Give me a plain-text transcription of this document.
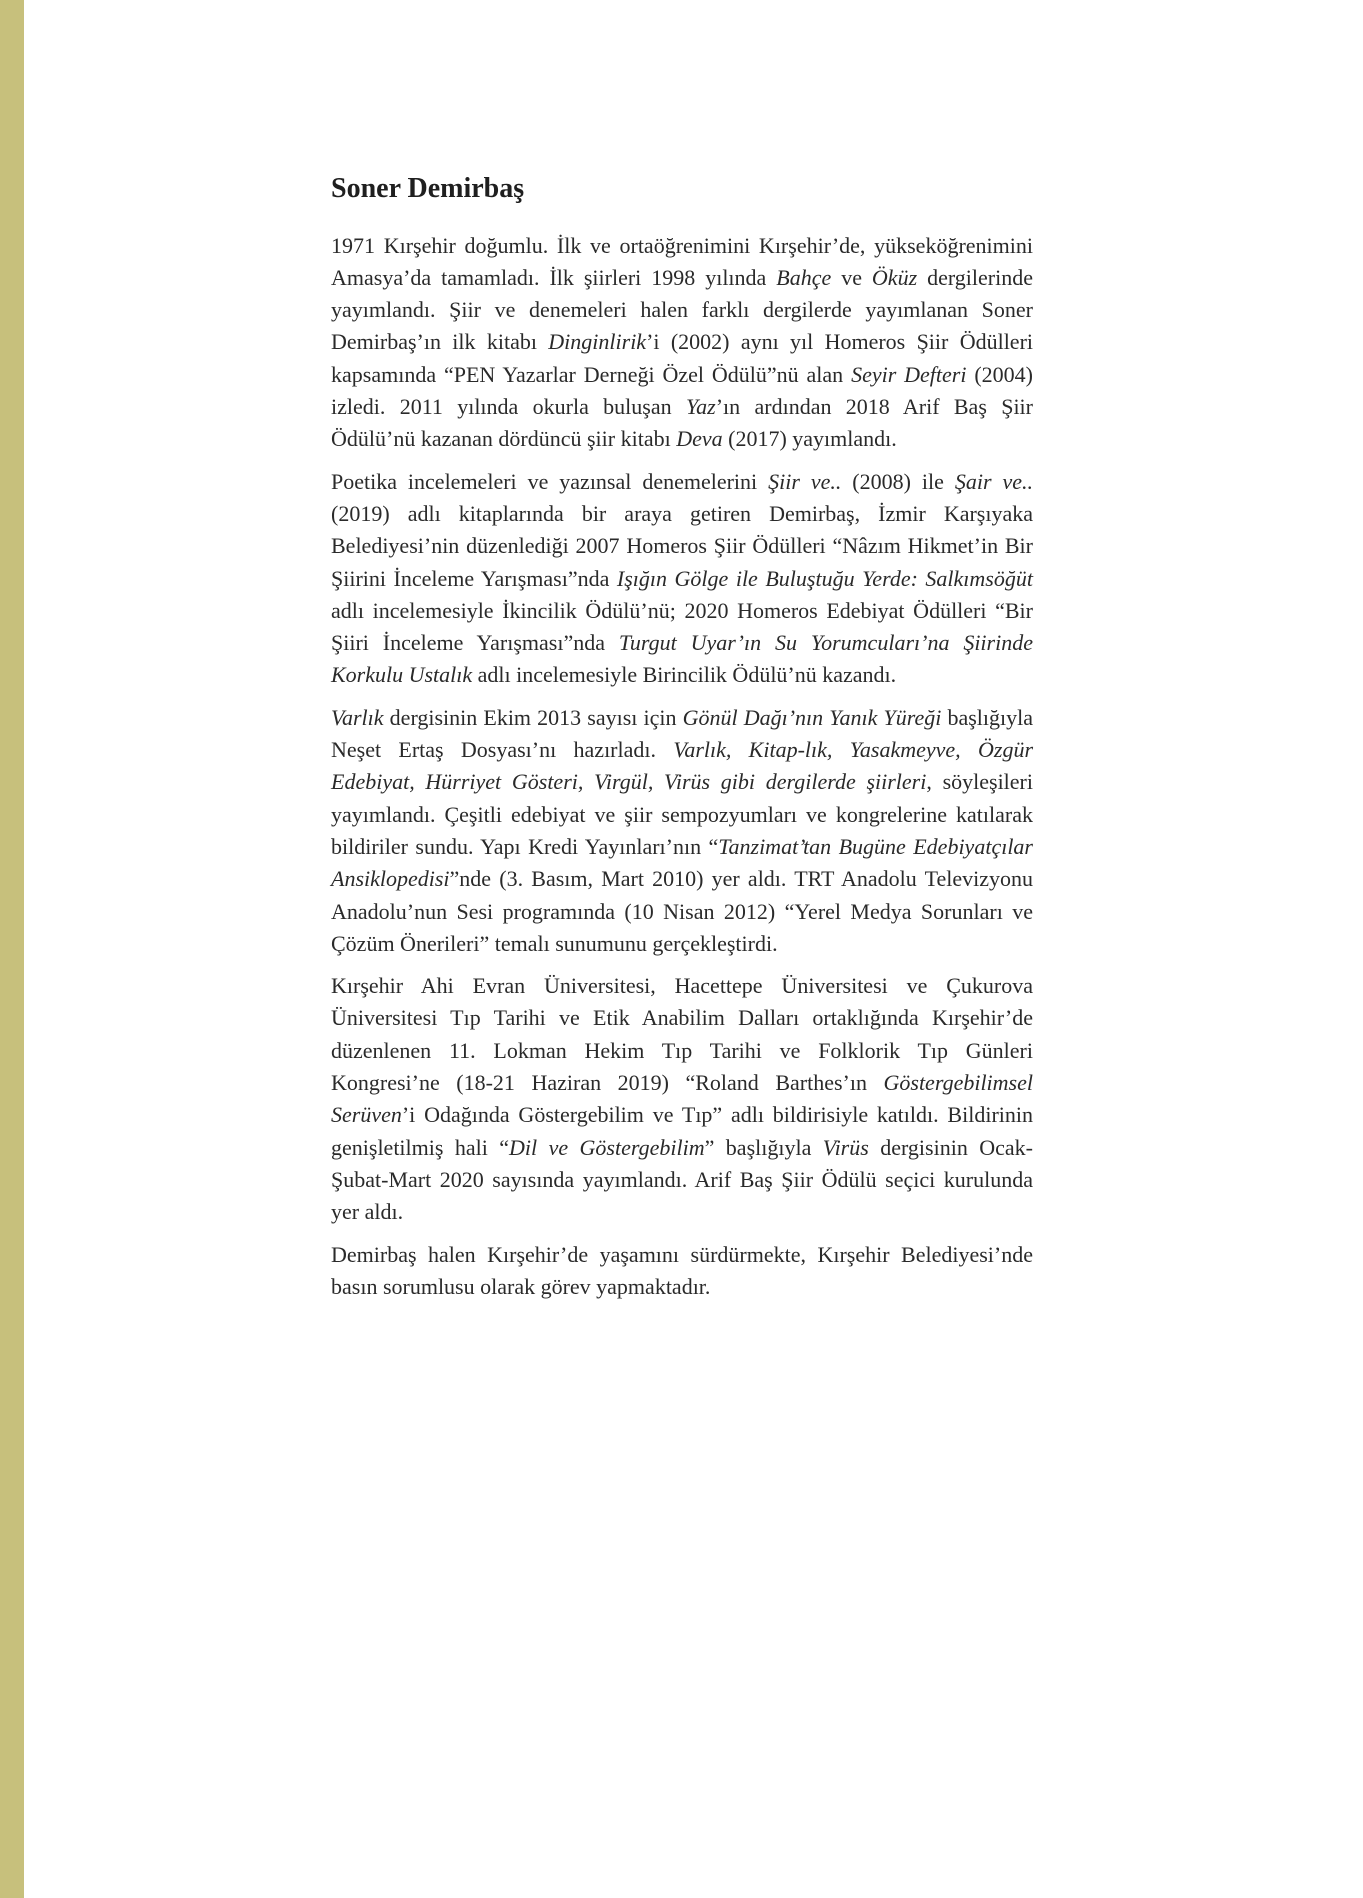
Soner Demirbaş

1971 Kırşehir doğumlu. İlk ve ortaöğrenimini Kırşehir’de, yükseköğrenimini Amasya’da tamamladı. İlk şiirleri 1998 yılında Bahçe ve Öküz dergilerinde yayımlandı. Şiir ve denemeleri halen farklı dergilerde yayımlanan Soner Demirbaş’ın ilk kitabı Dinginlirik’i (2002) aynı yıl Homeros Şiir Ödülleri kapsamında “PEN Yazarlar Derneği Özel Ödülü”nü alan Seyir Defteri (2004) izledi. 2011 yılında okurla buluşan Yaz’ın ardından 2018 Arif Baş Şiir Ödülü’nü kazanan dördüncü şiir kitabı Deva (2017) yayımlandı.

Poetika incelemeleri ve yazınsal denemelerini Şiir ve.. (2008) ile Şair ve.. (2019) adlı kitaplarında bir araya getiren Demirbaş, İzmir Karşıyaka Belediyesi’nin düzenlediği 2007 Homeros Şiir Ödülleri “Nâzım Hikmet’in Bir Şiirini İnceleme Yarışması”nda Işığın Gölge ile Buluştuğu Yerde: Salkımsöğüt adlı incelemesiyle İkincilik Ödülü’nü; 2020 Homeros Edebiyat Ödülleri “Bir Şiiri İnceleme Yarışması”nda Turgut Uyar’ın Su Yorumcuları’na Şiirinde Korkulu Ustalık adlı incelemesiyle Birincilik Ödülü’nü kazandı.

Varlık dergisinin Ekim 2013 sayısı için Gönül Dağı’nın Yanık Yüreği başlığıyla Neşet Ertaş Dosyası’nı hazırladı. Varlık, Kitap-lık, Yasakmeyve, Özgür Edebiyat, Hürriyet Gösteri, Virgül, Virüs gibi dergilerde şiirleri, söyleşileri yayımlandı. Çeşitli edebiyat ve şiir sempozyumları ve kongrelerine katılarak bildiriler sundu. Yapı Kredi Yayınları’nın “Tanzimat’tan Bugüne Edebiyatçılar Ansiklopedisi”nde (3. Basım, Mart 2010) yer aldı. TRT Anadolu Televizyonu Anadolu’nun Sesi programında (10 Nisan 2012) “Yerel Medya Sorunları ve Çözüm Önerileri” temalı sunumunu gerçekleştirdi.

Kırşehir Ahi Evran Üniversitesi, Hacettepe Üniversitesi ve Çukurova Üniversitesi Tıp Tarihi ve Etik Anabilim Dalları ortaklığında Kırşehir’de düzenlenen 11. Lokman Hekim Tıp Tarihi ve Folklorik Tıp Günleri Kongresi’ne (18-21 Haziran 2019) “Roland Barthes’ın Göstergebilimsel Serüven’i Odağında Göstergebilim ve Tıp” adlı bildirisiyle katıldı. Bildirinin genişletilmiş hali “Dil ve Göstergebilim” başlığıyla Virüs dergisinin Ocak-Şubat-Mart 2020 sayısında yayımlandı. Arif Baş Şiir Ödülü seçici kurulunda yer aldı.

Demirbaş halen Kırşehir’de yaşamını sürdürmekte, Kırşehir Belediyesi’nde basın sorumlusu olarak görev yapmaktadır.
